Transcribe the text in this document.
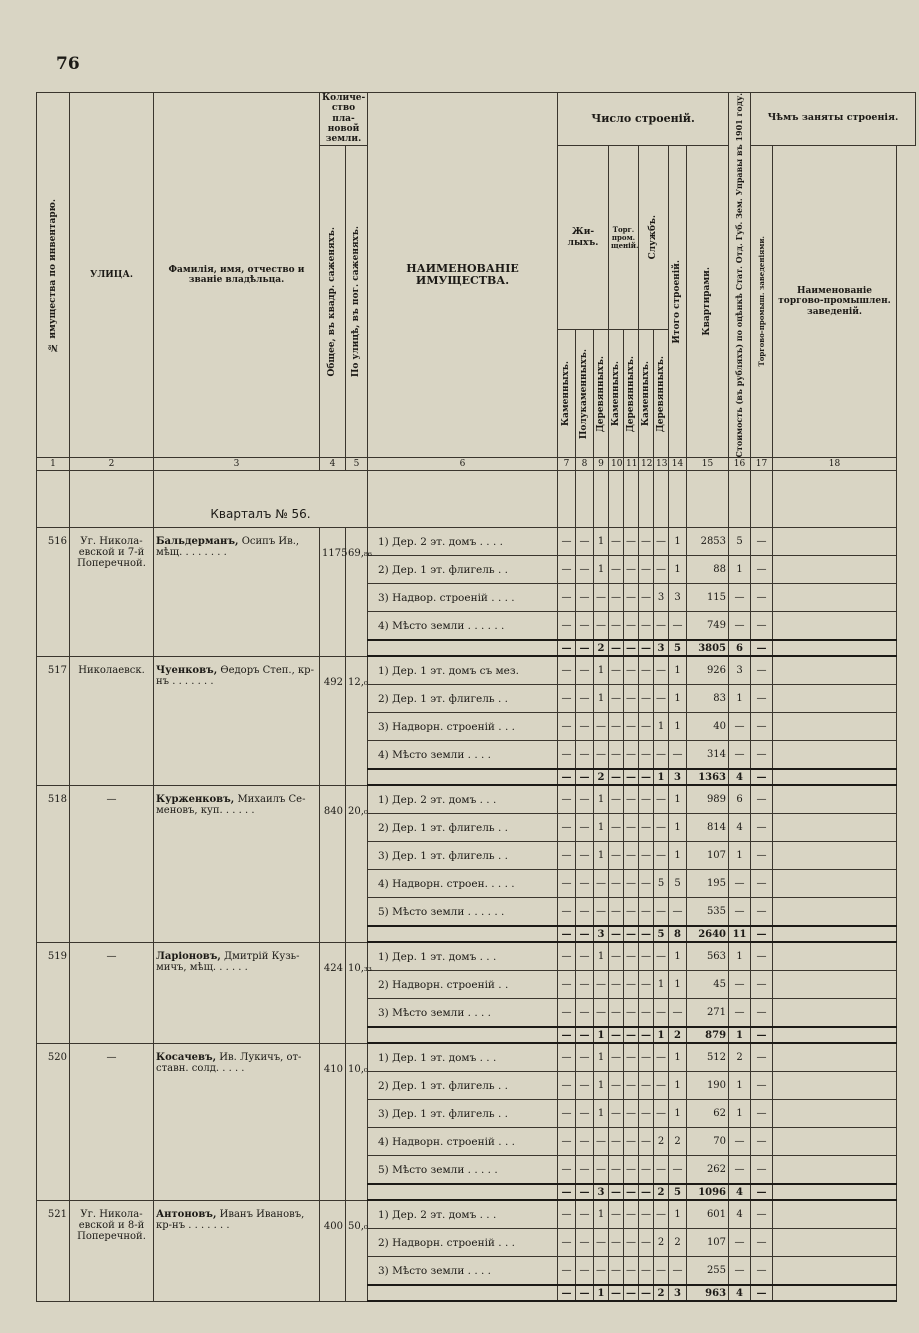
76
№ имущества по инвентарю.	УЛИЦА.	Фамилія, имя, отчество и званіе владѣльца.	Количе-ство пла-новой земли.		НАИМЕНОВАНІЕ ИМУЩЕСТВА.	Число строеній.									Стоимость (въ рубляхъ) по оцѣнкѣ Стат. Отд. Губ. Зем. Управы въ 1901 году.	Чѣмъ заняты строенія.	

			Общее, въ квадр. саженяхъ.	По улицѣ, въ пог. саженяхъ.		Жи-лыхъ.			Торг. пром. щеній.		Службъ.		Итого строеній.	Квартирами.		Торгово-промыш. заведеніями.	Наименованіе торгово-промышлен. заведеній.

						Каменныхъ.	Полукаменныхъ.	Деревянныхъ.	Каменныхъ.	Деревянныхъ.	Каменныхъ.	Деревянныхъ.					

1	2	3	4	5	6	7	8	9	10	11	12	13	14	15	16	17	18
		Кварталъ № 56.															
516	Уг. Никола-евской и 7-й Поперечной.	Бальдерманъ, Осипъ Ив., мѣщ. . . . . . . .	1175	69,₈₆	1) Дер. 2 эт. домъ . . . .	—	—	1	—	—	—	—	1	2853	5	—	
					2) Дер. 1 эт. флигель . .	—	—	1	—	—	—	—	1	88	1	—	
					3) Надвор. строеній . . . .	—	—	—	—	—	—	3	3	115	—	—	
					4) Мѣсто земли . . . . . .	—	—	—	—	—	—	—	—	749	—	—	
						—	—	2	—	—	—	3	5	3805	6	—	
517	Николаевск.	Чуенковъ, Өедоръ Степ., кр-нъ . . . . . . .	492	12,₀	1) Дер. 1 эт. домъ съ мез.	—	—	1	—	—	—	—	1	926	3	—	
					2) Дер. 1 эт. флигель . .	—	—	1	—	—	—	—	1	83	1	—	
					3) Надворн. строеній . . .	—	—	—	—	—	—	1	1	40	—	—	
					4) Мѣсто земли . . . .	—	—	—	—	—	—	—	—	314	—	—	
						—	—	2	—	—	—	1	3	1363	4	—	
518	—	Курженковъ, Михаилъ Се-меновъ, куп. . . . . .	840	20,₀	1) Дер. 2 эт. домъ . . .	—	—	1	—	—	—	—	1	989	6	—	
					2) Дер. 1 эт. флигель . .	—	—	1	—	—	—	—	1	814	4	—	
					3) Дер. 1 эт. флигель . .	—	—	1	—	—	—	—	1	107	1	—	
					4) Надворн. строен. . . . .	—	—	—	—	—	—	5	5	195	—	—	
					5) Мѣсто земли . . . . . .	—	—	—	—	—	—	—	—	535	—	—	
						—	—	3	—	—	—	5	8	2640	11	—	
519	—	Ларіоновъ, Дмитрій Кузь-мичъ, мѣщ. . . . . .	424	10,₃₃	1) Дер. 1 эт. домъ . . .	—	—	1	—	—	—	—	1	563	1	—	
					2) Надворн. строеній . .	—	—	—	—	—	—	1	1	45	—	—	
					3) Мѣсто земли . . . .	—	—	—	—	—	—	—	—	271	—	—	
						—	—	1	—	—	—	1	2	879	1	—	
520	—	Косачевъ, Ив. Лукичъ, от-ставн. солд. . . . .	410	10,₀	1) Дер. 1 эт. домъ . . .	—	—	1	—	—	—	—	1	512	2	—	
					2) Дер. 1 эт. флигель . .	—	—	1	—	—	—	—	1	190	1	—	
					3) Дер. 1 эт. флигель . .	—	—	1	—	—	—	—	1	62	1	—	
					4) Надворн. строеній . . .	—	—	—	—	—	—	2	2	70	—	—	
					5) Мѣсто земли . . . . .	—	—	—	—	—	—	—	—	262	—	—	
						—	—	3	—	—	—	2	5	1096	4	—	
521	Уг. Никола-евской и 8-й Поперечной.	Антоновъ, Иванъ Ивановъ, кр-нъ . . . . . . .	400	50,₀	1) Дер. 2 эт. домъ . . .	—	—	1	—	—	—	—	1	601	4	—	
					2) Надворн. строеній . . .	—	—	—	—	—	—	2	2	107	—	—	
					3) Мѣсто земли . . . .	—	—	—	—	—	—	—	—	255	—	—	
						—	—	1	—	—	—	2	3	963	4	—	
